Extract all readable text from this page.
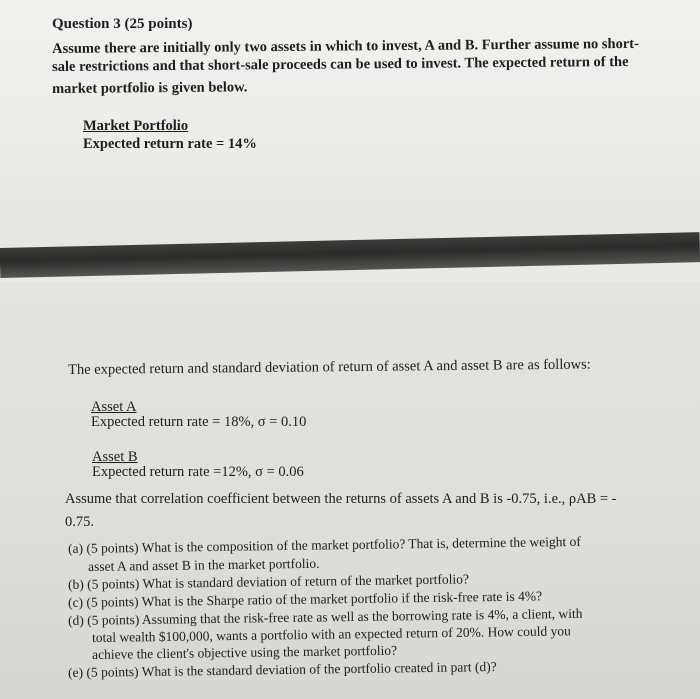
Question 3 (25 points)
Assume there are initially only two assets in which to invest, A and B. Further assume no short-
sale restrictions and that short-sale proceeds can be used to invest. The expected return of the
market portfolio is given below.
Market Portfolio
Expected return rate = 14%
The expected return and standard deviation of return of asset A and asset B are as follows:
Asset A
Expected return rate = 18%, σ = 0.10
Asset B
Expected return rate =12%, σ = 0.06
Assume that correlation coefficient between the returns of assets A and B is -0.75, i.e., ρAB = -
0.75.
(a) (5 points) What is the composition of the market portfolio? That is, determine the weight of
asset A and asset B in the market portfolio.
(b) (5 points) What is standard deviation of return of the market portfolio?
(c) (5 points) What is the Sharpe ratio of the market portfolio if the risk-free rate is 4%?
(d) (5 points) Assuming that the risk-free rate as well as the borrowing rate is 4%, a client, with
total wealth $100,000, wants a portfolio with an expected return of 20%. How could you
achieve the client's objective using the market portfolio?
(e) (5 points) What is the standard deviation of the portfolio created in part (d)?
